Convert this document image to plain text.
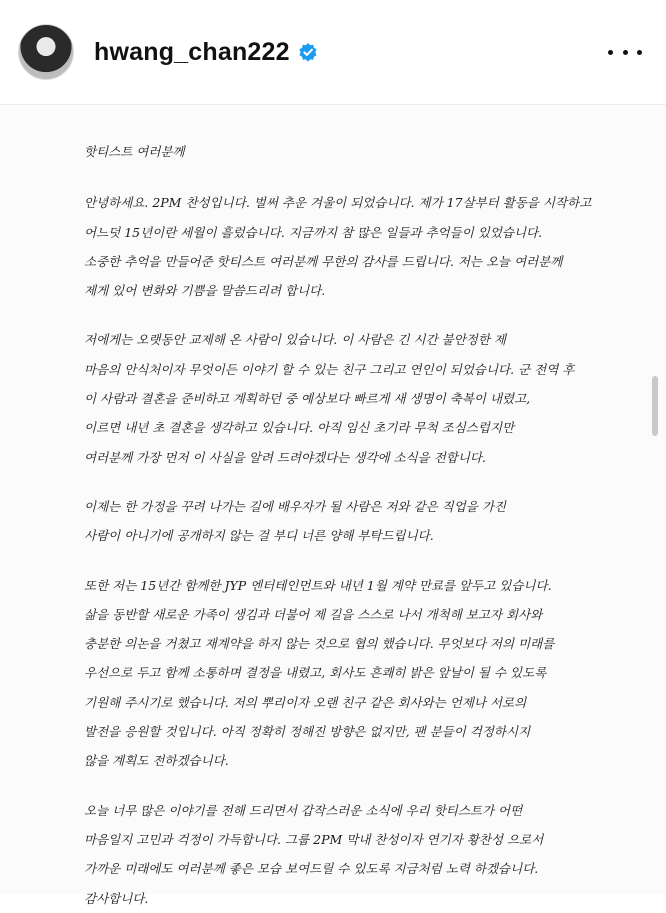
hwang_chan222
핫티스트 여러분께
안녕하세요. 2PM 찬성입니다. 벌써 추운 겨울이 되었습니다. 제가 17살부터 활동을 시작하고
어느덧 15년이란 세월이 흘렀습니다. 지금까지 참 많은 일들과 추억들이 있었습니다.
소중한 추억을 만들어준 핫티스트 여러분께 무한의 감사를 드립니다. 저는 오늘 여러분께
제게 있어 변화와 기쁨을 말씀드리려 합니다.
저에게는 오랫동안 교제해 온 사람이 있습니다. 이 사람은 긴 시간 불안정한 제
마음의 안식처이자 무엇이든 이야기 할 수 있는 친구 그리고 연인이 되었습니다. 군 전역 후
이 사람과 결혼을 준비하고 계획하던 중 예상보다 빠르게 새 생명이 축복이 내렸고,
이르면 내년 초 결혼을 생각하고 있습니다. 아직 임신 초기라 무척 조심스럽지만
여러분께 가장 먼저 이 사실을 알려 드려야겠다는 생각에 소식을 전합니다.
이제는 한 가정을 꾸려 나가는 길에 배우자가 될 사람은 저와 같은 직업을 가진
사람이 아니기에 공개하지 않는 걸 부디 너른 양해 부탁드립니다.
또한 저는 15년간 함께한 JYP 엔터테인먼트와 내년 1월 계약 만료를 앞두고 있습니다.
삶을 동반할 새로운 가족이 생김과 더불어 제 길을 스스로 나서 개척해 보고자 회사와
충분한 의논을 거쳤고 재계약을 하지 않는 것으로 협의 했습니다. 무엇보다 저의 미래를
우선으로 두고 함께 소통하며 결정을 내렸고, 회사도 흔쾌히 밝은 앞날이 될 수 있도록
기원해 주시기로 했습니다. 저의 뿌리이자 오랜 친구 같은 회사와는 언제나 서로의
발전을 응원할 것입니다. 아직 정확히 정해진 방향은 없지만, 팬 분들이 걱정하시지
않을 계획도 전하겠습니다.
오늘 너무 많은 이야기를 전해 드리면서 갑작스러운 소식에 우리 핫티스트가 어떤
마음일지 고민과 걱정이 가득합니다. 그룹 2PM 막내 찬성이자 연기자 황찬성 으로서
가까운 미래에도 여러분께 좋은 모습 보여드릴 수 있도록 지금처럼 노력 하겠습니다.
감사합니다.
